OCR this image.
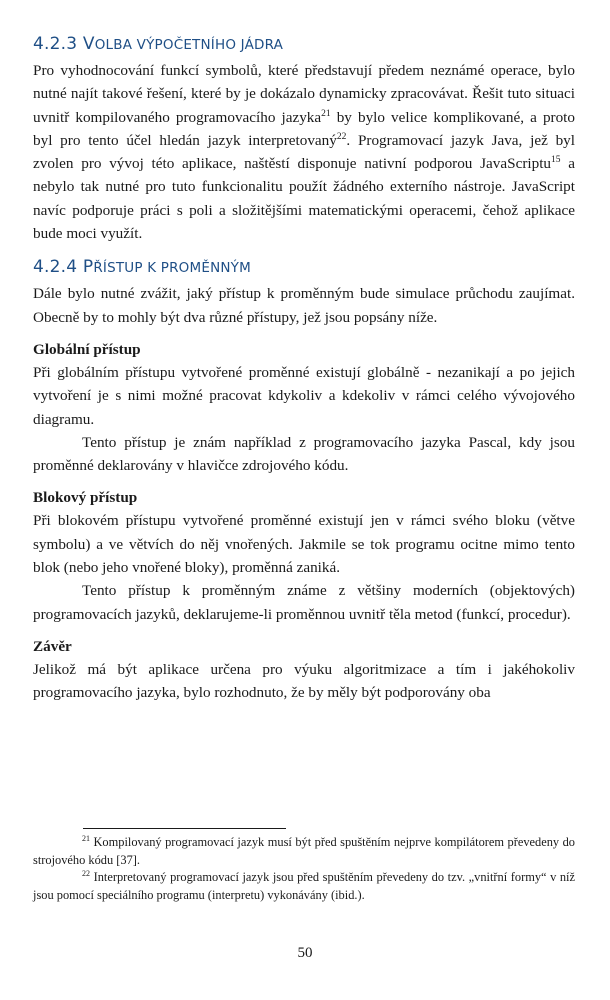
4.2.3 VOLBA VÝPOČETNÍHO JÁDRA

Pro vyhodnocování funkcí symbolů, které představují předem neznámé operace, bylo nutné najít takové řešení, které by je dokázalo dynamicky zpracovávat. Řešit tuto situaci uvnitř kompilovaného programovacího jazyka$^{21}$ by bylo velice komplikované, a proto byl pro tento účel hledán jazyk interpretovaný$^{22}$. Programovací jazyk Java, jež byl zvolen pro vývoj této aplikace, naštěstí disponuje nativní podporou JavaScriptu$^{15}$ a nebylo tak nutné pro tuto funkcionalitu použít žádného externího nástroje. JavaScript navíc podporuje práci s poli a složitějšími matematickými operacemi, čehož aplikace bude moci využít.

4.2.4 PŘÍSTUP K PROMĚNNÝM

Dále bylo nutné zvážit, jaký přístup k proměnným bude simulace průchodu zaujímat. Obecně by to mohly být dva různé přístupy, jež jsou popsány níže.

Globální přístup

Při globálním přístupu vytvořené proměnné existují globálně - nezanikají a po jejich vytvoření je s nimi možné pracovat kdykoliv a kdekoliv v rámci celého vývojového diagramu.

Tento přístup je znám například z programovacího jazyka Pascal, kdy jsou proměnné deklarovány v hlavičce zdrojového kódu.

Blokový přístup

Při blokovém přístupu vytvořené proměnné existují jen v rámci svého bloku (větve symbolu) a ve větvích do něj vnořených. Jakmile se tok programu ocitne mimo tento blok (nebo jeho vnořené bloky), proměnná zaniká.

Tento přístup k proměnným známe z většiny moderních (objektových) programovacích jazyků, deklarujeme-li proměnnou uvnitř těla metod (funkcí, procedur).

Závěr

Jelikož má být aplikace určena pro výuku algoritmizace a tím i jakéhokoliv programovacího jazyka, bylo rozhodnuto, že by měly být podporovány oba

$^{21}$ Kompilovaný programovací jazyk musí být před spuštěním nejprve kompilátorem převedeny do strojového kódu [37].

$^{22}$ Interpretovaný programovací jazyk jsou před spuštěním převedeny do tzv. „vnitřní formy“ v níž jsou pomocí speciálního programu (interpretu) vykonávány (ibid.).

50
